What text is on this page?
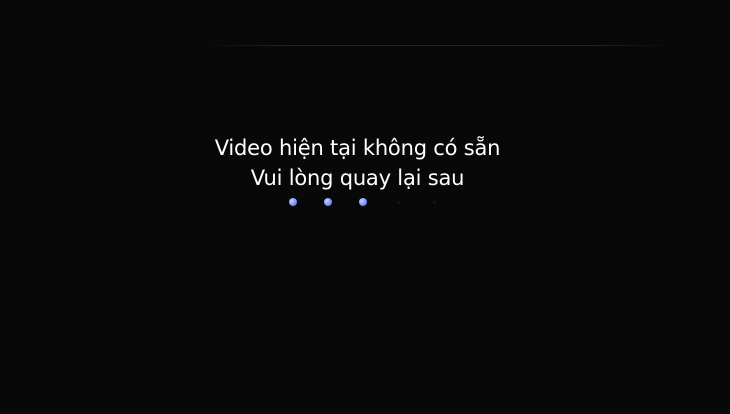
Video hiện tại không có sẵn
Vui lòng quay lại sau
